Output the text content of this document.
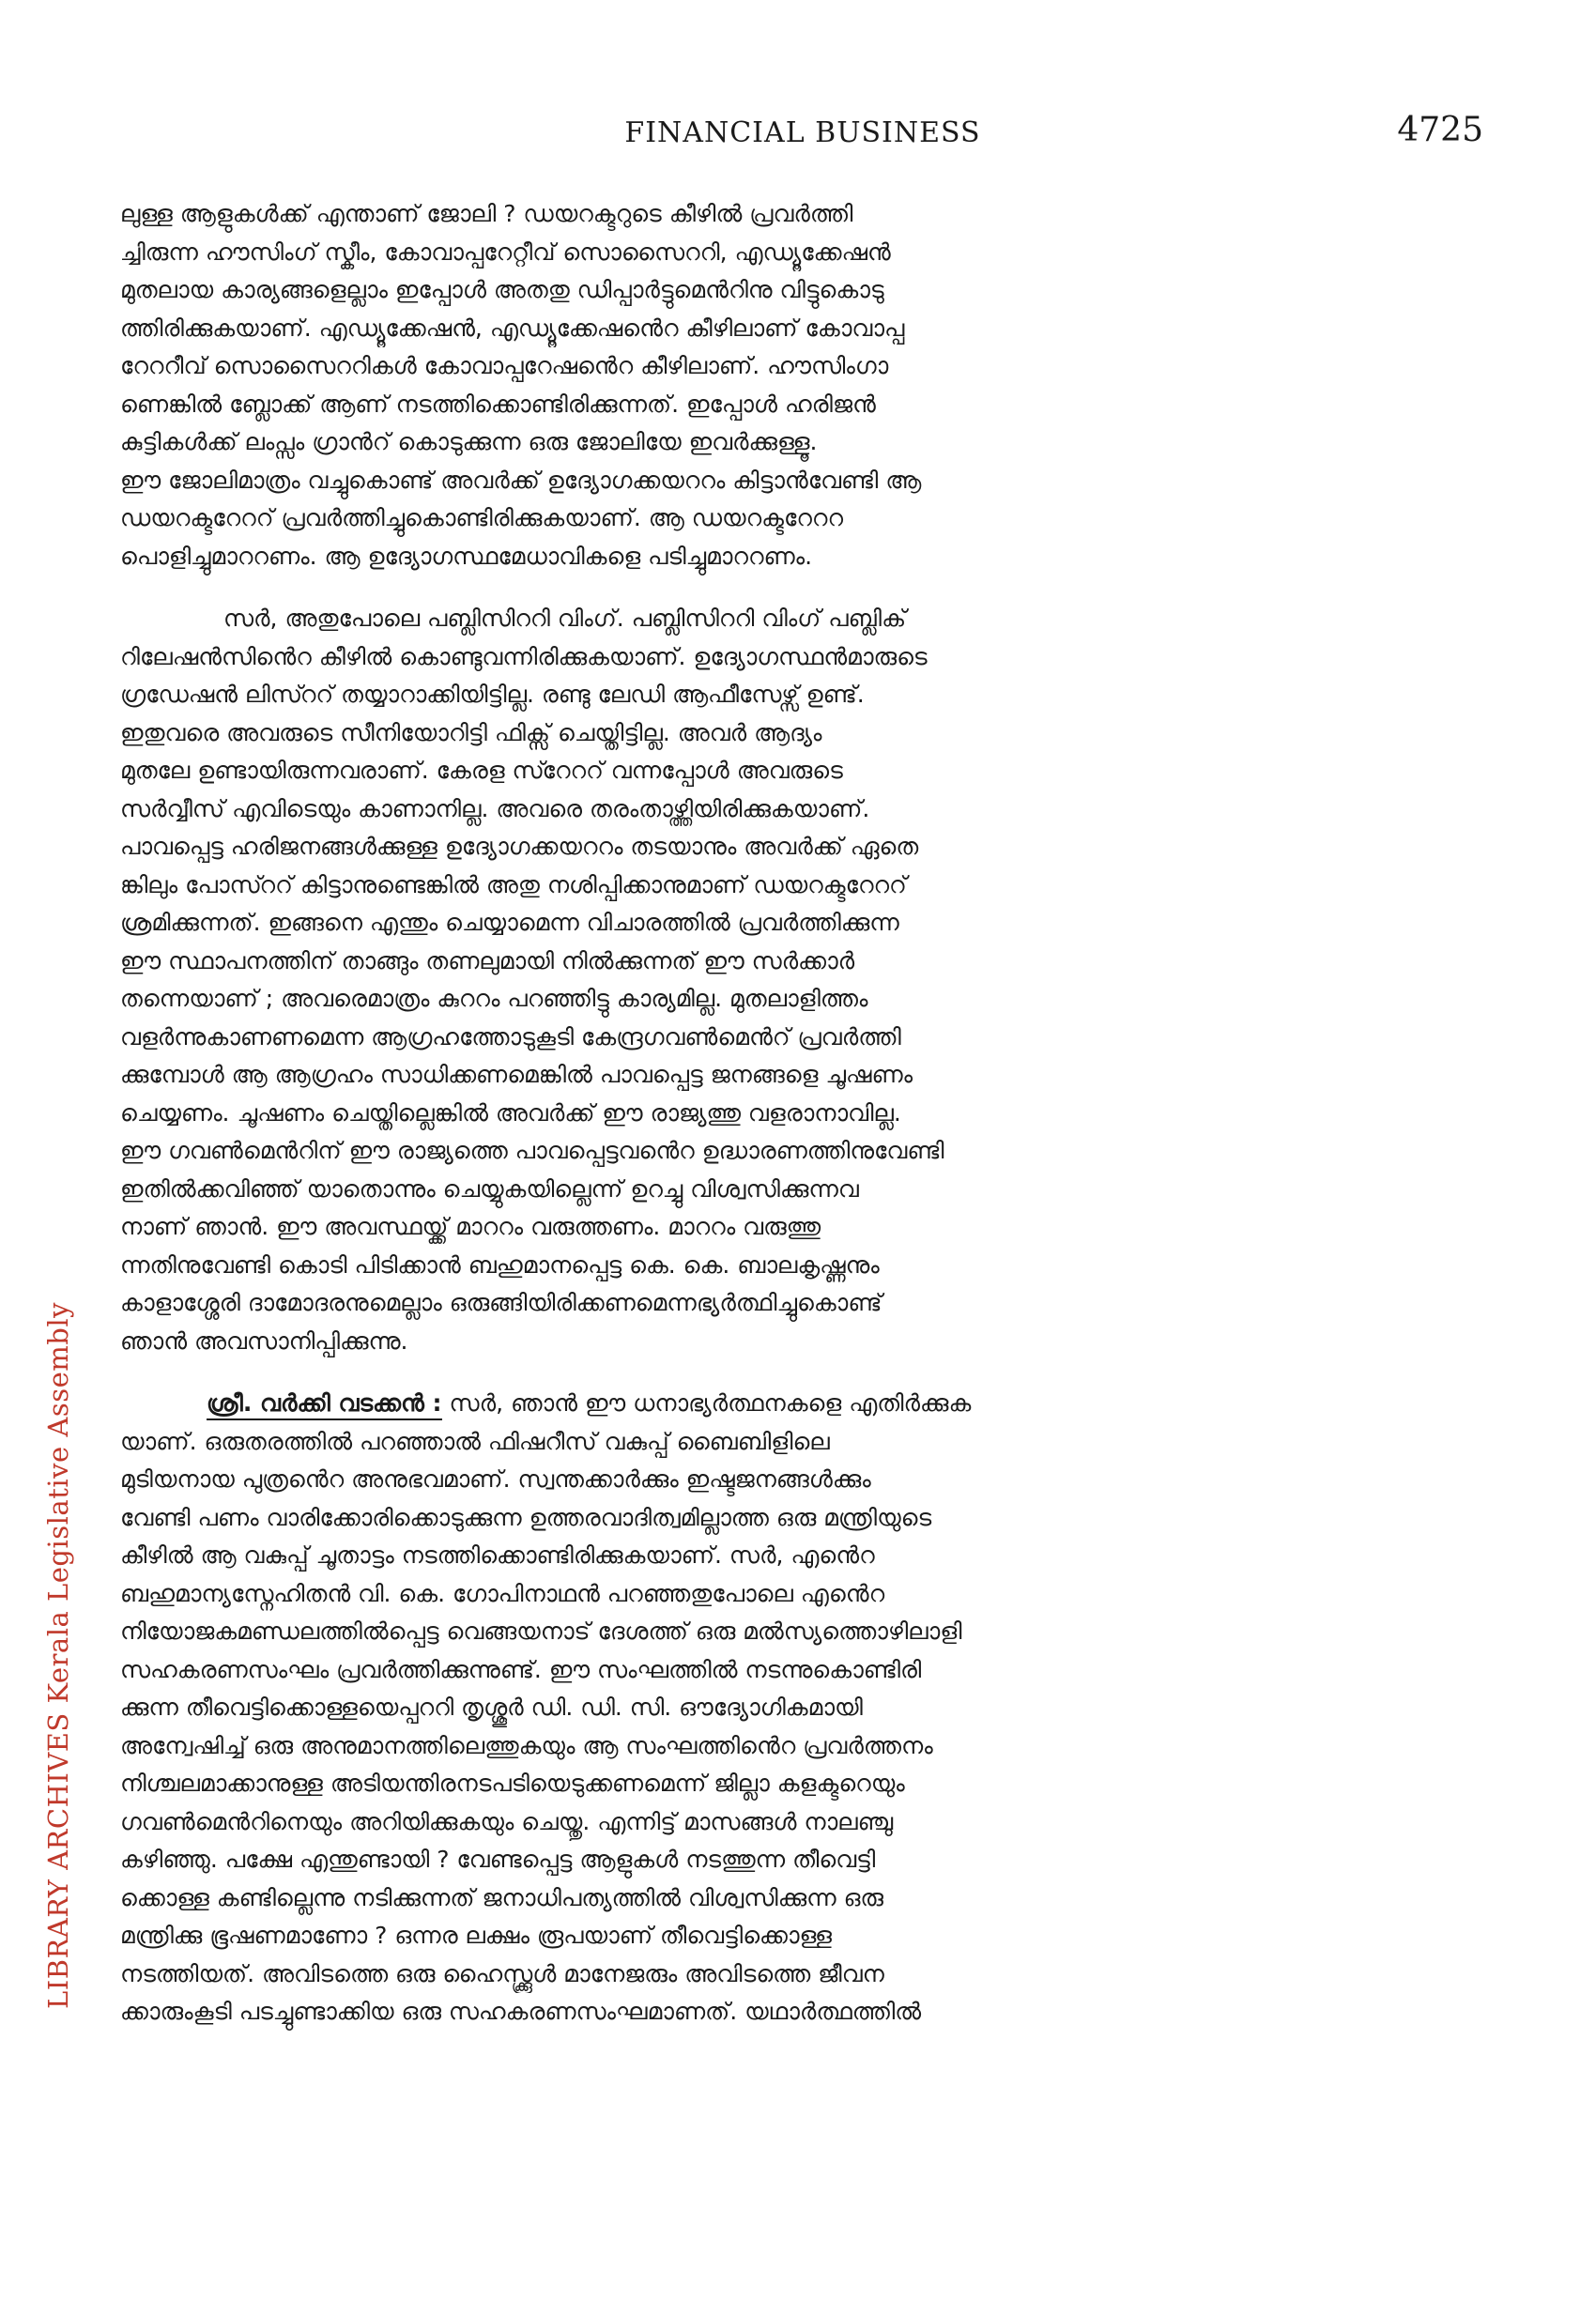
FINANCIAL BUSINESS	4725
LIBRARY ARCHIVES Kerala Legislative Assembly
ലുള്ള ആളുകൾക്ക് എന്താണ് ജോലി ? ഡയറക്ടറുടെ കീഴിൽ പ്രവർത്തി
ച്ചിരുന്ന ഹൗസിംഗ് സ്കീം, കോവാപ്പറേറ്റീവ് സൊസൈററി, എഡ്യൂക്കേഷൻ
മുതലായ കാര്യങ്ങളെല്ലാം ഇപ്പോൾ അതതു ഡിപ്പാർട്ടുമെൻറിനു വിട്ടുകൊടു
ത്തിരിക്കുകയാണ്. എഡ്യൂക്കേഷൻ, എഡ്യൂക്കേഷൻെറ കീഴിലാണ് കോവാപ്പ
റേററീവ് സൊസൈററികൾ കോവാപ്പറേഷൻെറ കീഴിലാണ്. ഹൗസിംഗാ
ണെങ്കിൽ ബ്ലോക്ക് ആണ് നടത്തിക്കൊണ്ടിരിക്കുന്നത്. ഇപ്പോൾ ഹരിജൻ
കുട്ടികൾക്ക് ലംപ്സം ഗ്രാൻറ് കൊടുക്കുന്ന ഒരു ജോലിയേ ഇവർക്കുള്ളൂ.
ഈ ജോലിമാത്രം വച്ചുകൊണ്ട് അവർക്ക് ഉദ്യോഗക്കയററം കിട്ടാൻവേണ്ടി ആ
ഡയറക്ടറേററ് പ്രവർത്തിച്ചുകൊണ്ടിരിക്കുകയാണ്. ആ ഡയറക്ടറേററ
പൊളിച്ചുമാററണം. ആ ഉദ്യോഗസ്ഥമേധാവികളെ പടിച്ചുമാററണം.
സർ, അതുപോലെ പബ്ലിസിററി വിംഗ്. പബ്ലിസിററി വിംഗ് പബ്ലിക്
റിലേഷൻസിൻെറ കീഴിൽ കൊണ്ടുവന്നിരിക്കുകയാണ്. ഉദ്യോഗസ്ഥൻമാരുടെ
ഗ്രഡേഷൻ ലിസ്ററ് തയ്യാറാക്കിയിട്ടില്ല. രണ്ടു ലേഡി ആഫീസേഴ്സ് ഉണ്ട്.
ഇതുവരെ അവരുടെ സീനിയോറിട്ടി ഫിക്സ് ചെയ്തിട്ടില്ല. അവർ ആദ്യം
മുതലേ ഉണ്ടായിരുന്നവരാണ്. കേരള സ്റേററ് വന്നപ്പോൾ അവരുടെ
സർവ്വീസ് എവിടെയും കാണാനില്ല. അവരെ തരംതാഴ്ത്തിയിരിക്കുകയാണ്.
പാവപ്പെട്ട ഹരിജനങ്ങൾക്കുള്ള ഉദ്യോഗക്കയററം തടയാനും അവർക്ക് ഏതെ
ങ്കിലും പോസ്ററ് കിട്ടാനുണ്ടെങ്കിൽ അതു നശിപ്പിക്കാനുമാണ് ഡയറക്ടറേററ്
ശ്രമിക്കുന്നത്. ഇങ്ങനെ എന്തും ചെയ്യാമെന്ന വിചാരത്തിൽ പ്രവർത്തിക്കുന്ന
ഈ സ്ഥാപനത്തിന് താങ്ങും തണലുമായി നിൽക്കുന്നത് ഈ സർക്കാർ
തന്നെയാണ് ; അവരെമാത്രം കുററം പറഞ്ഞിട്ടു കാര്യമില്ല. മുതലാളിത്തം
വളർന്നുകാണണമെന്ന ആഗ്രഹത്തോടുകൂടി കേന്ദ്രഗവൺമെൻറ് പ്രവർത്തി
ക്കുമ്പോൾ ആ ആഗ്രഹം സാധിക്കണമെങ്കിൽ പാവപ്പെട്ട ജനങ്ങളെ ചൂഷണം
ചെയ്യണം. ചൂഷണം ചെയ്തില്ലെങ്കിൽ അവർക്ക് ഈ രാജ്യത്തു വളരാനാവില്ല.
ഈ ഗവൺമെൻറിന് ഈ രാജ്യത്തെ പാവപ്പെട്ടവൻെറ ഉദ്ധാരണത്തിനുവേണ്ടി
ഇതിൽക്കവിഞ്ഞ് യാതൊന്നും ചെയ്യുകയില്ലെന്ന് ഉറച്ചു വിശ്വസിക്കുന്നവ
നാണ് ഞാൻ. ഈ അവസ്ഥയ്ക്ക് മാററം വരുത്തണം. മാററം വരുത്തു
ന്നതിനുവേണ്ടി കൊടി പിടിക്കാൻ ബഹുമാനപ്പെട്ട കെ. കെ. ബാലകൃഷ്ണനും
കാളാശ്ശേരി ദാമോദരനുമെല്ലാം ഒരുങ്ങിയിരിക്കണമെന്നഭ്യർത്ഥിച്ചുകൊണ്ട്
ഞാൻ അവസാനിപ്പിക്കുന്നു.
ശ്രീ. വർക്കി വടക്കൻ : സർ, ഞാൻ ഈ ധനാഭ്യർത്ഥനകളെ എതിർക്കുക
യാണ്. ഒരുതരത്തിൽ പറഞ്ഞാൽ ഫിഷറീസ് വകുപ്പ് ബൈബിളിലെ
മുടിയനായ പുത്രൻെറ അനുഭവമാണ്. സ്വന്തക്കാർക്കും ഇഷ്ടജനങ്ങൾക്കും
വേണ്ടി പണം വാരിക്കോരിക്കൊടുക്കുന്ന ഉത്തരവാദിത്വമില്ലാത്ത ഒരു മന്ത്രിയുടെ
കീഴിൽ ആ വകുപ്പ് ചൂതാട്ടം നടത്തിക്കൊണ്ടിരിക്കുകയാണ്. സർ, എൻെറ
ബഹുമാന്യസ്നേഹിതൻ വി. കെ. ഗോപിനാഥൻ പറഞ്ഞതുപോലെ എൻെറ
നിയോജകമണ്ഡലത്തിൽപ്പെട്ട വെങ്ങയനാട് ദേശത്ത് ഒരു മൽസ്യത്തൊഴിലാളി
സഹകരണസംഘം പ്രവർത്തിക്കുന്നുണ്ട്. ഈ സംഘത്തിൽ നടന്നുകൊണ്ടിരി
ക്കുന്ന തീവെട്ടിക്കൊള്ളയെപ്പററി തൃശ്ശൂർ ഡി. ഡി. സി. ഔദ്യോഗികമായി
അന്വേഷിച്ച് ഒരു അനുമാനത്തിലെത്തുകയും ആ സംഘത്തിൻെറ പ്രവർത്തനം
നിശ്ചലമാക്കാനുള്ള അടിയന്തിരനടപടിയെടുക്കണമെന്ന് ജില്ലാ കളക്ടറെയും
ഗവൺമെൻറിനെയും അറിയിക്കുകയും ചെയ്തു. എന്നിട്ട് മാസങ്ങൾ നാലഞ്ചു
കഴിഞ്ഞു. പക്ഷേ എന്തുണ്ടായി ? വേണ്ടപ്പെട്ട ആളുകൾ നടത്തുന്ന തീവെട്ടി
ക്കൊള്ള കണ്ടില്ലെന്നു നടിക്കുന്നത് ജനാധിപത്യത്തിൽ വിശ്വസിക്കുന്ന ഒരു
മന്ത്രിക്കു ഭൂഷണമാണോ ? ഒന്നര ലക്ഷം രൂപയാണ് തീവെട്ടിക്കൊള്ള
നടത്തിയത്. അവിടത്തെ ഒരു ഹൈസ്ക്കൂൾ മാനേജരും അവിടത്തെ ജീവന
ക്കാരുംകൂടി പടച്ചുണ്ടാക്കിയ ഒരു സഹകരണസംഘമാണത്. യഥാർത്ഥത്തിൽ
